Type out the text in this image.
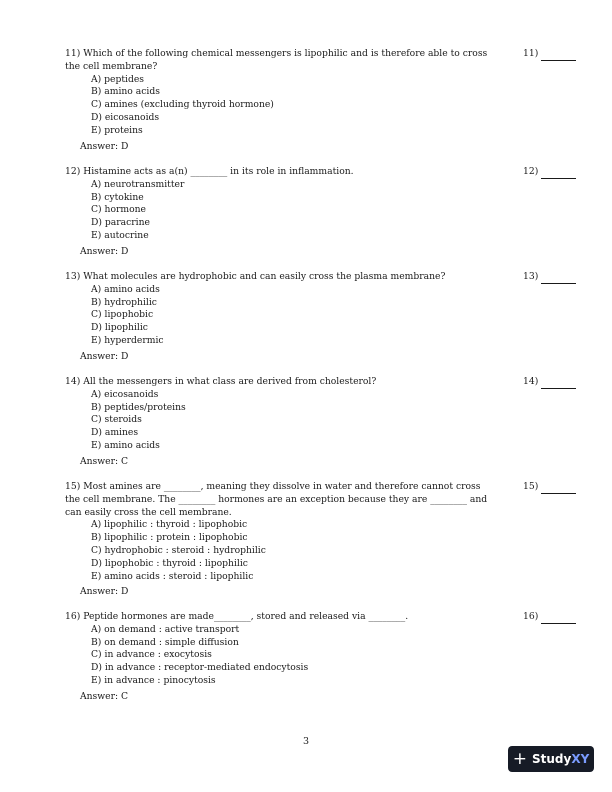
11) Which of the following chemical messengers is lipophilic and is therefore able to cross the cell membrane?
A) peptides
B) amino acids
C) amines (excluding thyroid hormone)
D) eicosanoids
E) proteins
Answer: D
11)
12) Histamine acts as a(n) ________ in its role in inflammation.
A) neurotransmitter
B) cytokine
C) hormone
D) paracrine
E) autocrine
Answer: D
12)
13) What molecules are hydrophobic and can easily cross the plasma membrane?
A) amino acids
B) hydrophilic
C) lipophobic
D) lipophilic
E) hyperdermic
Answer: D
13)
14) All the messengers in what class are derived from cholesterol?
A) eicosanoids
B) peptides/proteins
C) steroids
D) amines
E) amino acids
Answer: C
14)
15) Most amines are ________, meaning they dissolve in water and therefore cannot cross the cell membrane. The ________ hormones are an exception because they are ________ and can easily cross the cell membrane.
A) lipophilic : thyroid : lipophobic
B) lipophilic : protein : lipophobic
C) hydrophobic : steroid : hydrophilic
D) lipophobic : thyroid : lipophilic
E) amino acids : steroid : lipophilic
Answer: D
15)
16) Peptide hormones are made________, stored and released via ________.
A) on demand : active transport
B) on demand : simple diffusion
C) in advance : exocytosis
D) in advance : receptor-mediated endocytosis
E) in advance : pinocytosis
Answer: C
16)
3
+ StudyXY
